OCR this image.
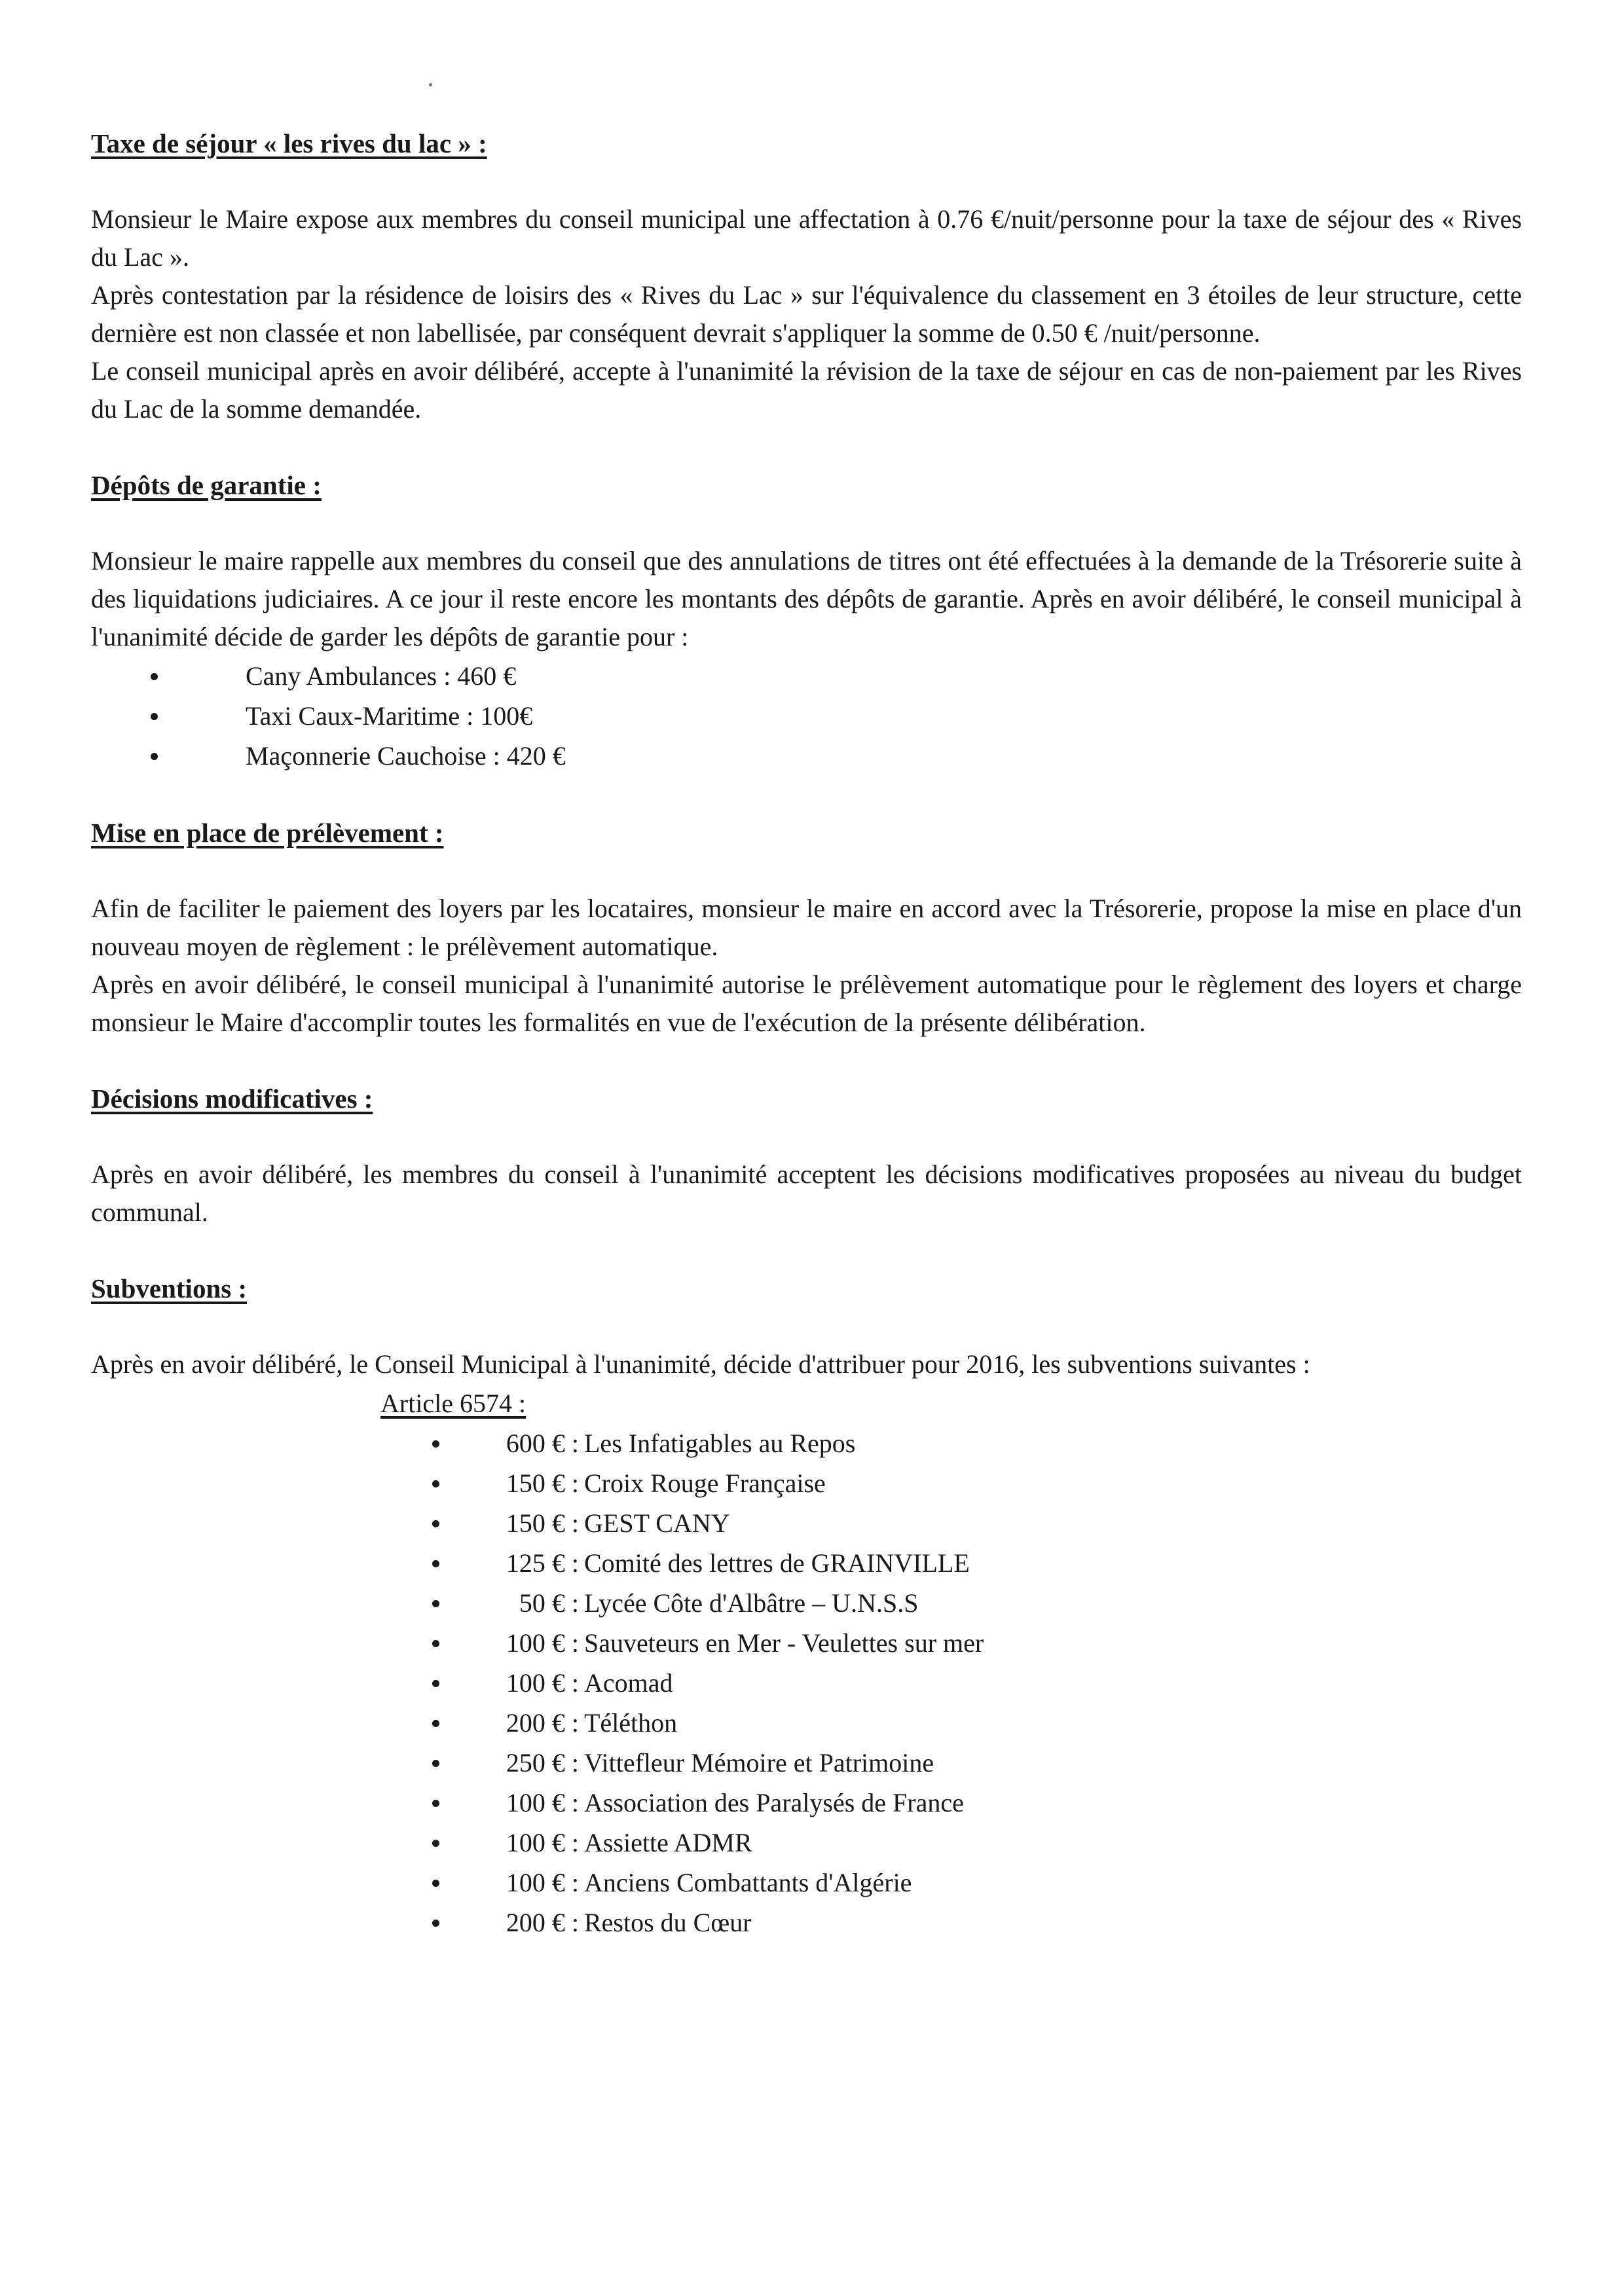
Taxe de séjour « les rives du lac » :

Monsieur le Maire expose aux membres du conseil municipal une affectation à 0.76 €/nuit/personne pour la taxe de séjour des « Rives du Lac ».

Après contestation par la résidence de loisirs des « Rives du Lac » sur l'équivalence du classement en 3 étoiles de leur structure, cette dernière est non classée et non labellisée, par conséquent devrait s'appliquer la somme de 0.50 € /nuit/personne.

Le conseil municipal après en avoir délibéré, accepte à l'unanimité la révision de la taxe de séjour en cas de non-paiement par les Rives du Lac de la somme demandée.

Dépôts de garantie :

Monsieur le maire rappelle aux membres du conseil que des annulations de titres ont été effectuées à la demande de la Trésorerie suite à des liquidations judiciaires. A ce jour il reste encore les montants des dépôts de garantie. Après en avoir délibéré, le conseil municipal à l'unanimité décide de garder les dépôts de garantie pour :

Cany Ambulances : 460 €
Taxi Caux-Maritime : 100€
Maçonnerie Cauchoise : 420 €
Mise en place de prélèvement :

Afin de faciliter le paiement des loyers par les locataires, monsieur le maire en accord avec la Trésorerie, propose la mise en place d'un nouveau moyen de règlement : le prélèvement automatique.

Après en avoir délibéré, le conseil municipal à l'unanimité autorise le prélèvement automatique pour le règlement des loyers et charge monsieur le Maire d'accomplir toutes les formalités en vue de l'exécution de la présente délibération.

Décisions modificatives :

Après en avoir délibéré, les membres du conseil à l'unanimité acceptent les décisions modificatives proposées au niveau du budget communal.

Subventions :

Après en avoir délibéré, le Conseil Municipal à l'unanimité, décide d'attribuer pour 2016, les subventions suivantes :

Article 6574 :
600 € : Les Infatigables au Repos
150 € : Croix Rouge Française
150 € : GEST CANY
125 € : Comité des lettres de GRAINVILLE
50 € : Lycée Côte d'Albâtre – U.N.S.S
100 € : Sauveteurs en Mer - Veulettes sur mer
100 € : Acomad
200 € : Téléthon
250 € : Vittefleur Mémoire et Patrimoine
100 € : Association des Paralysés de France
100 € : Assiette ADMR
100 € : Anciens Combattants d'Algérie
200 € : Restos du Cœur
